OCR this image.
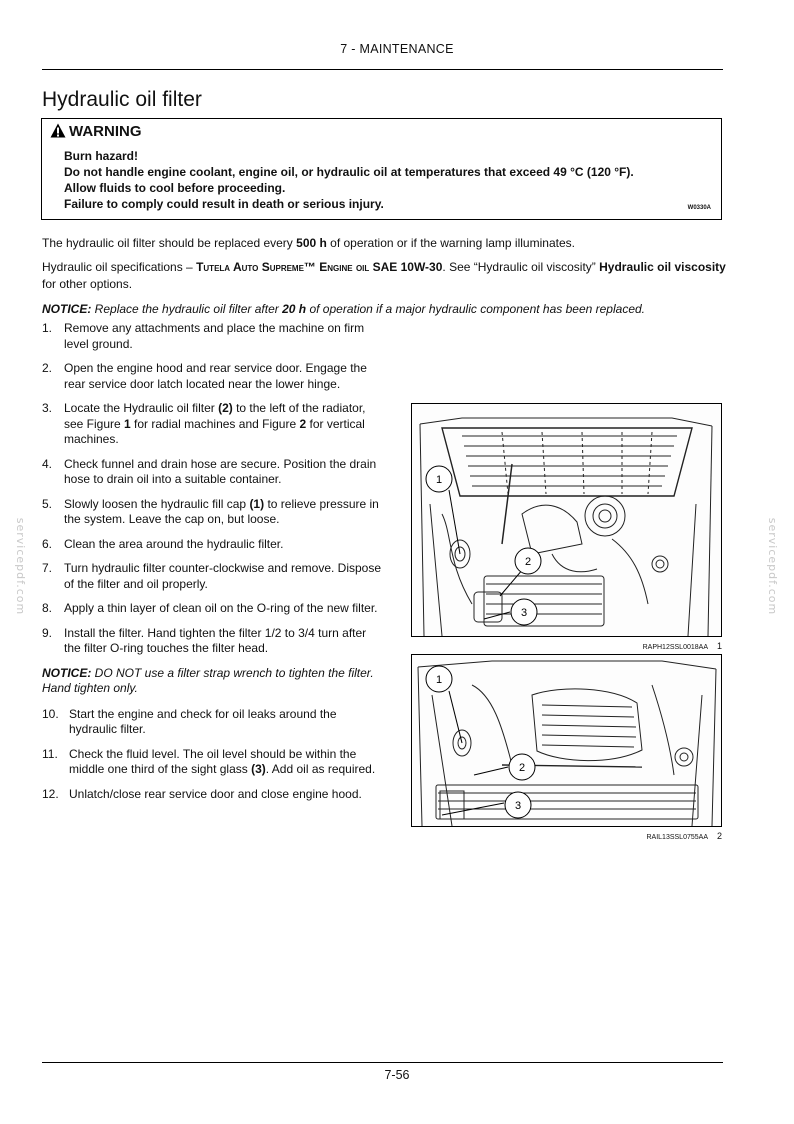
7 - MAINTENANCE
Hydraulic oil filter
WARNING
Burn hazard!
Do not handle engine coolant, engine oil, or hydraulic oil at temperatures that exceed 49 °C (120 °F).
Allow fluids to cool before proceeding.
Failure to comply could result in death or serious injury.	W0330A
The hydraulic oil filter should be replaced every 500 h of operation or if the warning lamp illuminates.
Hydraulic oil specifications – Tutela Auto Supreme™ Engine oil SAE 10W-30. See “Hydraulic oil viscosity” Hydraulic oil viscosity for other options.
NOTICE: Replace the hydraulic oil filter after 20 h of operation if a major hydraulic component has been replaced.
1. Remove any attachments and place the machine on firm level ground.
2. Open the engine hood and rear service door. Engage the rear service door latch located near the lower hinge.
3. Locate the Hydraulic oil filter (2) to the left of the radiator, see Figure 1 for radial machines and Figure 2 for vertical machines.
4. Check funnel and drain hose are secure. Position the drain hose to drain oil into a suitable container.
5. Slowly loosen the hydraulic fill cap (1) to relieve pressure in the system. Leave the cap on, but loose.
6. Clean the area around the hydraulic filter.
7. Turn hydraulic filter counter-clockwise and remove. Dispose of the filter and oil properly.
8. Apply a thin layer of clean oil on the O-ring of the new filter.
9. Install the filter. Hand tighten the filter 1/2 to 3/4 turn after the filter O-ring touches the filter head.
NOTICE: DO NOT use a filter strap wrench to tighten the filter. Hand tighten only.
10. Start the engine and check for oil leaks around the hydraulic filter.
11. Check the fluid level. The oil level should be within the middle one third of the sight glass (3). Add oil as required.
12. Unlatch/close rear service door and close engine hood.
1
2
3
RAPH12SSL0018AA 1
1
2
3
RAIL13SSL0755AA 2
servicepdf.com	servicepdf.com
7-56
